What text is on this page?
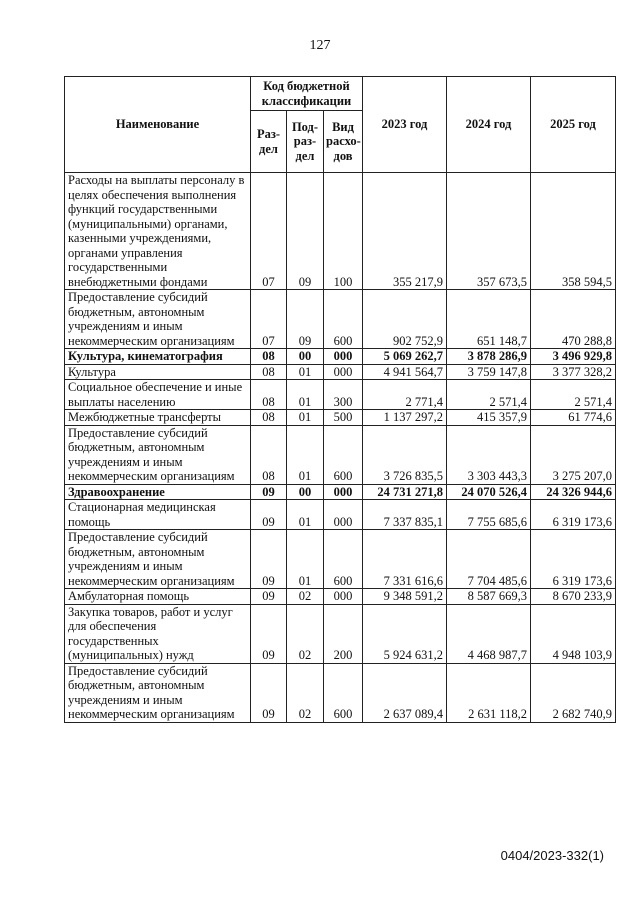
127
Наименование	Код бюджетной классификации			2023 год	2024 год	2025 год
	Раз-дел	Под-раз-дел	Вид расхо-дов			
Расходы на выплаты персоналу в целях обеспечения выполнения функций государственными (муниципальными) органами, казенными учреждениями, органами управления государственными внебюджетными фондами	07	09	100	355 217,9	357 673,5	358 594,5
Предоставление субсидий бюджетным, автономным учреждениям и иным некоммерческим организациям	07	09	600	902 752,9	651 148,7	470 288,8
Культура, кинематография	08	00	000	5 069 262,7	3 878 286,9	3 496 929,8
Культура	08	01	000	4 941 564,7	3 759 147,8	3 377 328,2
Социальное обеспечение и иные выплаты населению	08	01	300	2 771,4	2 571,4	2 571,4
Межбюджетные трансферты	08	01	500	1 137 297,2	415 357,9	61 774,6
Предоставление субсидий бюджетным, автономным учреждениям и иным некоммерческим организациям	08	01	600	3 726 835,5	3 303 443,3	3 275 207,0
Здравоохранение	09	00	000	24 731 271,8	24 070 526,4	24 326 944,6
Стационарная медицинская помощь	09	01	000	7 337 835,1	7 755 685,6	6 319 173,6
Предоставление субсидий бюджетным, автономным учреждениям и иным некоммерческим организациям	09	01	600	7 331 616,6	7 704 485,6	6 319 173,6
Амбулаторная помощь	09	02	000	9 348 591,2	8 587 669,3	8 670 233,9
Закупка товаров, работ и услуг для обеспечения государственных (муниципальных) нужд	09	02	200	5 924 631,2	4 468 987,7	4 948 103,9
Предоставление субсидий бюджетным, автономным учреждениям и иным некоммерческим организациям	09	02	600	2 637 089,4	2 631 118,2	2 682 740,9
0404/2023-332(1)
